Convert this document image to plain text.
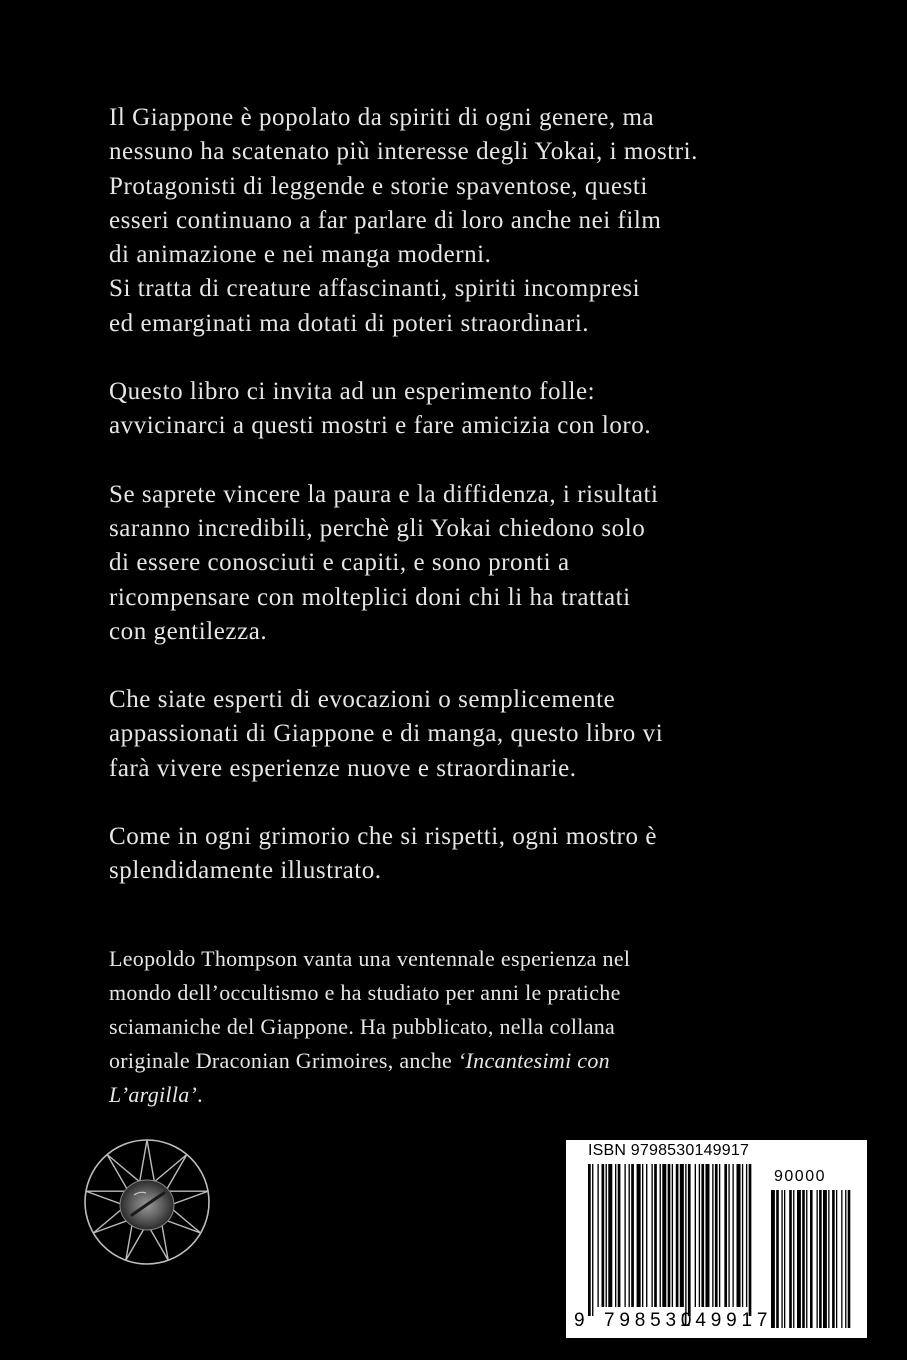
Il Giappone è popolato da spiriti di ogni genere, ma
nessuno ha scatenato più interesse degli Yokai, i mostri.
Protagonisti di leggende e storie spaventose, questi
esseri continuano a far parlare di loro anche nei film
di animazione e nei manga moderni.
Si tratta di creature affascinanti, spiriti incompresi
ed emarginati ma dotati di poteri straordinari.

Questo libro ci invita ad un esperimento folle:
avvicinarci a questi mostri e fare amicizia con loro.

Se saprete vincere la paura e la diffidenza, i risultati
saranno incredibili, perchè gli Yokai chiedono solo
di essere conosciuti e capiti, e sono pronti a
ricompensare con molteplici doni chi li ha trattati
con gentilezza.

Che siate esperti di evocazioni o semplicemente
appassionati di Giappone e di manga, questo libro vi
farà vivere esperienze nuove e straordinarie.

Come in ogni grimorio che si rispetti, ogni mostro è
splendidamente illustrato.

Leopoldo Thompson vanta una ventennale esperienza nel
mondo dell’occultismo e ha studiato per anni le pratiche
sciamaniche del Giappone. Ha pubblicato, nella collana
originale Draconian Grimoires, anche ‘Incantesimi con
L’argilla’.

ISBN 9798530149917
90000
9 798530
149917
